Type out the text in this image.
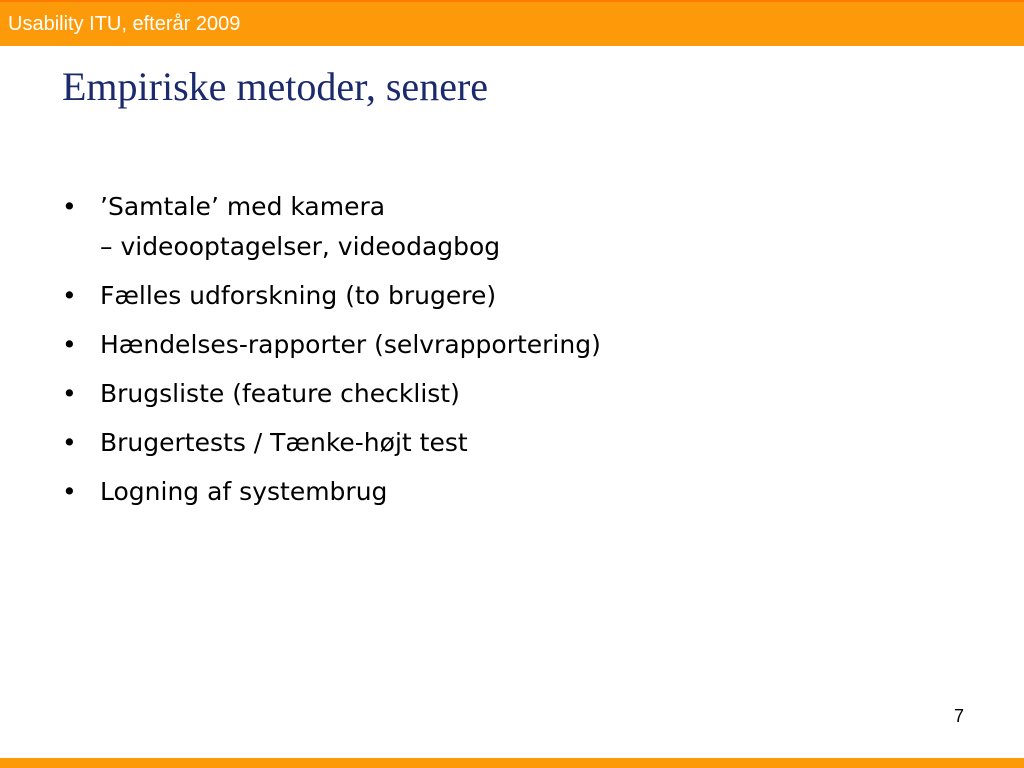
Usability ITU, efterår 2009
Empiriske metoder, senere
• ’Samtale’ med kamera
– videooptagelser, videodagbog
• Fælles udforskning (to brugere)
• Hændelses-rapporter (selvrapportering)
• Brugsliste (feature checklist)
• Brugertests / Tænke-højt test
• Logning af systembrug
7
